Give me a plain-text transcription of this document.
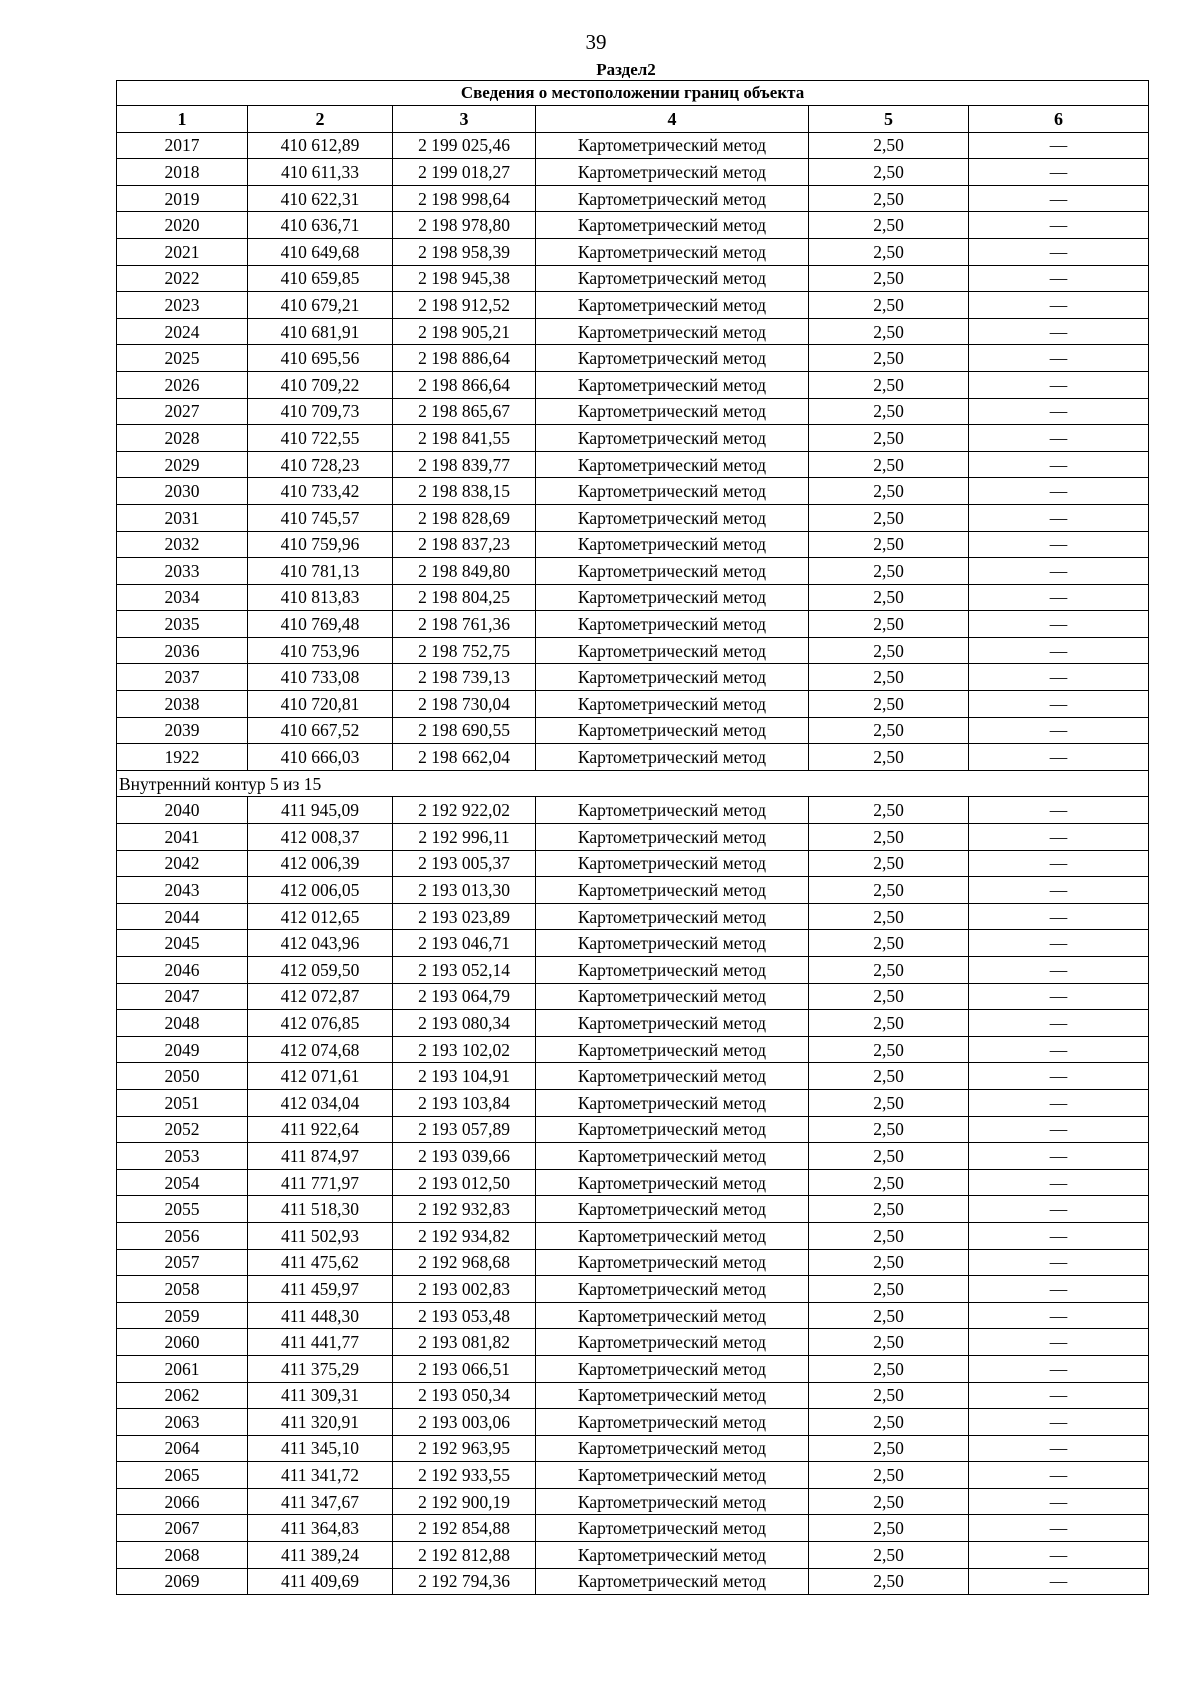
39
Раздел2
Сведения о местоположении границ объекта					
1	2	3	4	5	6
2017	410 612,89	2 199 025,46	Картометрический метод	2,50	—
2018	410 611,33	2 199 018,27	Картометрический метод	2,50	—
2019	410 622,31	2 198 998,64	Картометрический метод	2,50	—
2020	410 636,71	2 198 978,80	Картометрический метод	2,50	—
2021	410 649,68	2 198 958,39	Картометрический метод	2,50	—
2022	410 659,85	2 198 945,38	Картометрический метод	2,50	—
2023	410 679,21	2 198 912,52	Картометрический метод	2,50	—
2024	410 681,91	2 198 905,21	Картометрический метод	2,50	—
2025	410 695,56	2 198 886,64	Картометрический метод	2,50	—
2026	410 709,22	2 198 866,64	Картометрический метод	2,50	—
2027	410 709,73	2 198 865,67	Картометрический метод	2,50	—
2028	410 722,55	2 198 841,55	Картометрический метод	2,50	—
2029	410 728,23	2 198 839,77	Картометрический метод	2,50	—
2030	410 733,42	2 198 838,15	Картометрический метод	2,50	—
2031	410 745,57	2 198 828,69	Картометрический метод	2,50	—
2032	410 759,96	2 198 837,23	Картометрический метод	2,50	—
2033	410 781,13	2 198 849,80	Картометрический метод	2,50	—
2034	410 813,83	2 198 804,25	Картометрический метод	2,50	—
2035	410 769,48	2 198 761,36	Картометрический метод	2,50	—
2036	410 753,96	2 198 752,75	Картометрический метод	2,50	—
2037	410 733,08	2 198 739,13	Картометрический метод	2,50	—
2038	410 720,81	2 198 730,04	Картометрический метод	2,50	—
2039	410 667,52	2 198 690,55	Картометрический метод	2,50	—
1922	410 666,03	2 198 662,04	Картометрический метод	2,50	—
Внутренний контур 5 из 15					
2040	411 945,09	2 192 922,02	Картометрический метод	2,50	—
2041	412 008,37	2 192 996,11	Картометрический метод	2,50	—
2042	412 006,39	2 193 005,37	Картометрический метод	2,50	—
2043	412 006,05	2 193 013,30	Картометрический метод	2,50	—
2044	412 012,65	2 193 023,89	Картометрический метод	2,50	—
2045	412 043,96	2 193 046,71	Картометрический метод	2,50	—
2046	412 059,50	2 193 052,14	Картометрический метод	2,50	—
2047	412 072,87	2 193 064,79	Картометрический метод	2,50	—
2048	412 076,85	2 193 080,34	Картометрический метод	2,50	—
2049	412 074,68	2 193 102,02	Картометрический метод	2,50	—
2050	412 071,61	2 193 104,91	Картометрический метод	2,50	—
2051	412 034,04	2 193 103,84	Картометрический метод	2,50	—
2052	411 922,64	2 193 057,89	Картометрический метод	2,50	—
2053	411 874,97	2 193 039,66	Картометрический метод	2,50	—
2054	411 771,97	2 193 012,50	Картометрический метод	2,50	—
2055	411 518,30	2 192 932,83	Картометрический метод	2,50	—
2056	411 502,93	2 192 934,82	Картометрический метод	2,50	—
2057	411 475,62	2 192 968,68	Картометрический метод	2,50	—
2058	411 459,97	2 193 002,83	Картометрический метод	2,50	—
2059	411 448,30	2 193 053,48	Картометрический метод	2,50	—
2060	411 441,77	2 193 081,82	Картометрический метод	2,50	—
2061	411 375,29	2 193 066,51	Картометрический метод	2,50	—
2062	411 309,31	2 193 050,34	Картометрический метод	2,50	—
2063	411 320,91	2 193 003,06	Картометрический метод	2,50	—
2064	411 345,10	2 192 963,95	Картометрический метод	2,50	—
2065	411 341,72	2 192 933,55	Картометрический метод	2,50	—
2066	411 347,67	2 192 900,19	Картометрический метод	2,50	—
2067	411 364,83	2 192 854,88	Картометрический метод	2,50	—
2068	411 389,24	2 192 812,88	Картометрический метод	2,50	—
2069	411 409,69	2 192 794,36	Картометрический метод	2,50	—
